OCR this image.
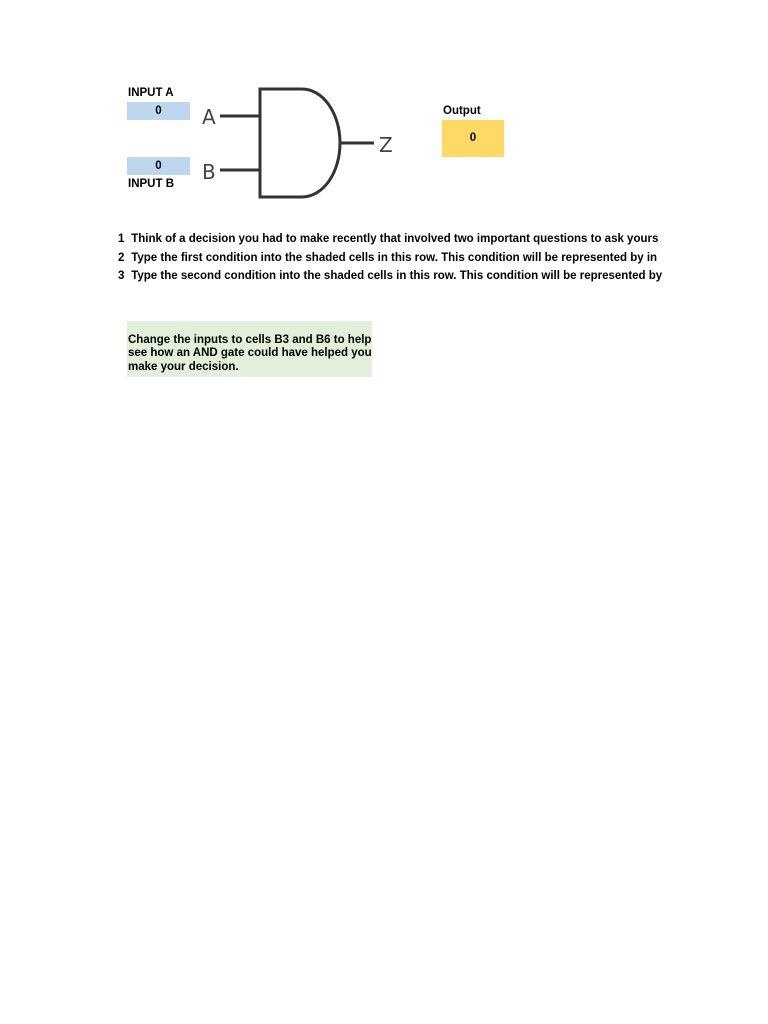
INPUT A
0
0
INPUT B
A
B
Z
Output
0
1 Think of a decision you had to make recently that involved two important questions to ask yours
2 Type the first condition into the shaded cells in this row. This condition will be represented by in
3 Type the second condition into the shaded cells in this row. This condition will be represented by
Change the inputs to cells B3 and B6 to help see how an AND gate could have helped you make your decision.
